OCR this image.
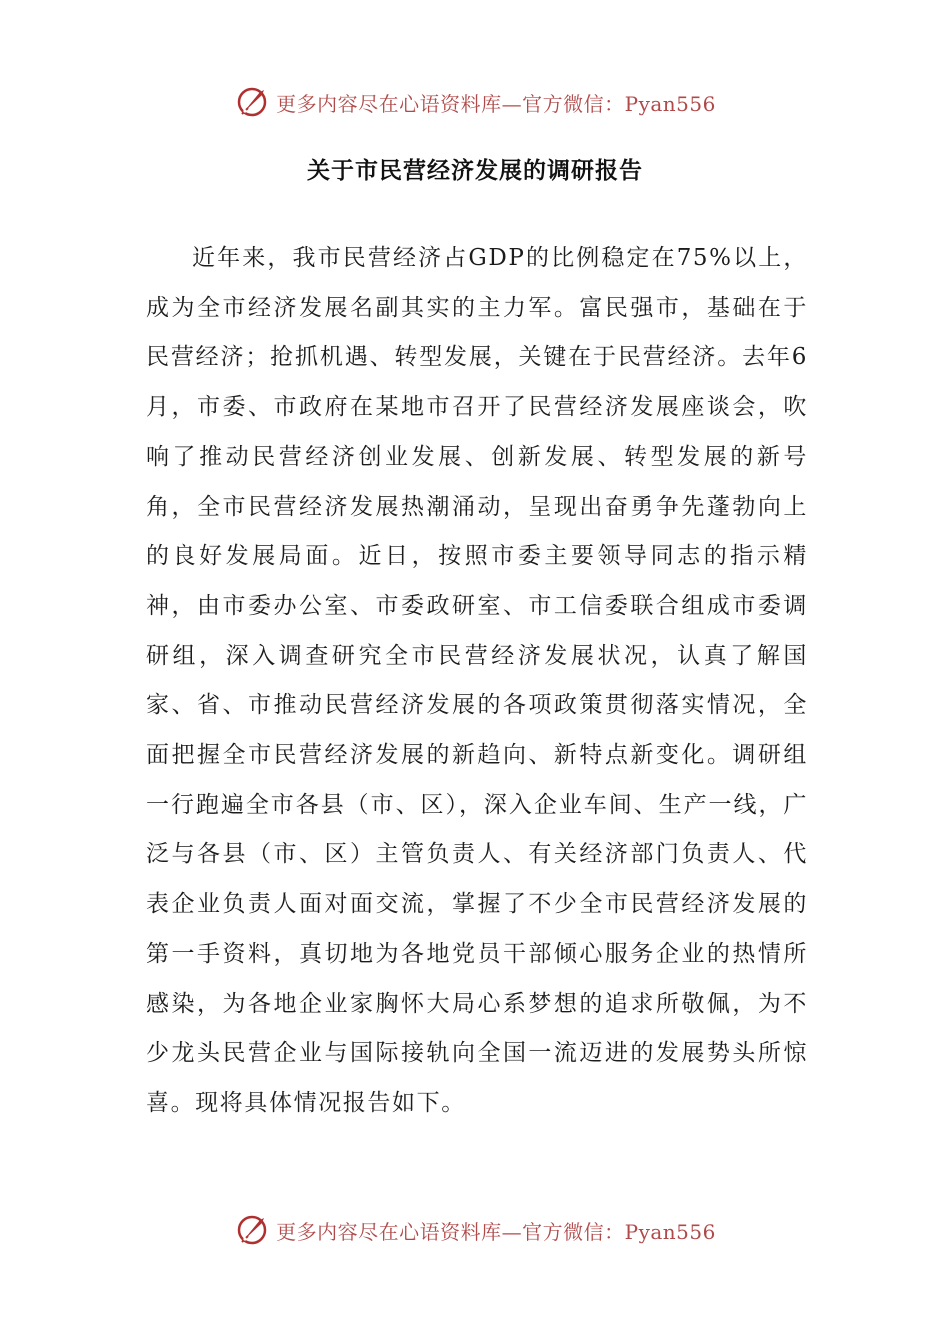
更多内容尽在心语资料库—官方微信：Pyan556
关于市民营经济发展的调研报告

近年来，我市民营经济占GDP的比例稳定在75%以上，成为全市经济发展名副其实的主力军。富民强市，基础在于民营经济；抢抓机遇、转型发展，关键在于民营经济。去年6月，市委、市政府在某地市召开了民营经济发展座谈会，吹响了推动民营经济创业发展、创新发展、转型发展的新号角，全市民营经济发展热潮涌动，呈现出奋勇争先蓬勃向上的良好发展局面。近日，按照市委主要领导同志的指示精神，由市委办公室、市委政研室、市工信委联合组成市委调研组，深入调查研究全市民营经济发展状况，认真了解国家、省、市推动民营经济发展的各项政策贯彻落实情况，全面把握全市民营经济发展的新趋向、新特点新变化。调研组一行跑遍全市各县（市、区），深入企业车间、生产一线，广泛与各县（市、区）主管负责人、有关经济部门负责人、代表企业负责人面对面交流，掌握了不少全市民营经济发展的第一手资料，真切地为各地党员干部倾心服务企业的热情所感染，为各地企业家胸怀大局心系梦想的追求所敬佩，为不少龙头民营企业与国际接轨向全国一流迈进的发展势头所惊喜。现将具体情况报告如下。

更多内容尽在心语资料库—官方微信：Pyan556
